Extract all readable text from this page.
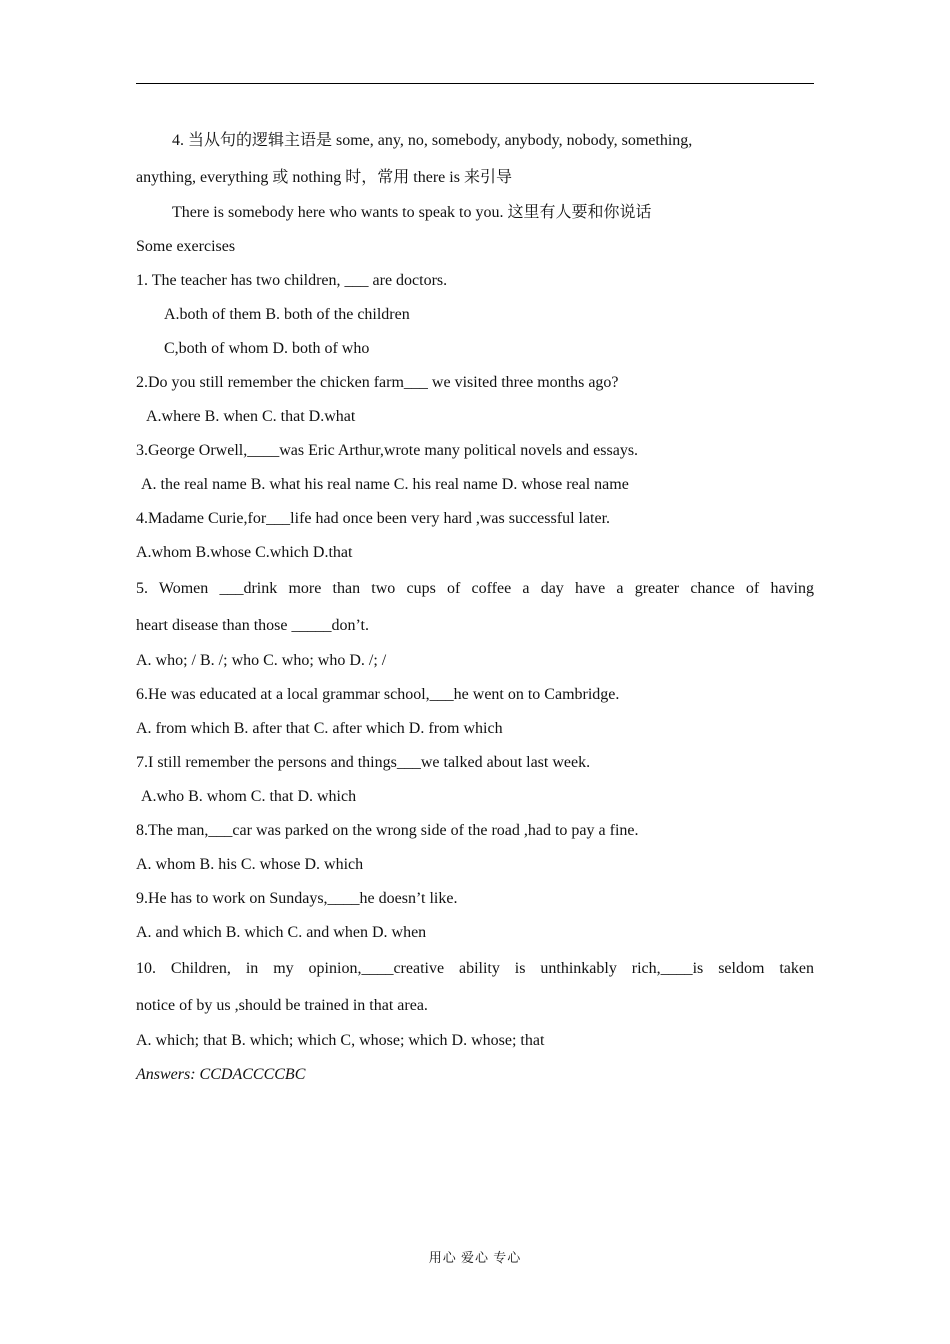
4. 当从句的逻辑主语是 some, any, no, somebody, anybody, nobody, something,

anything, everything 或 nothing 时，常用 there is 来引导

There is somebody here who wants to speak to you. 这里有人要和你说话

Some exercises

1. The teacher has two children, ___ are doctors.

A.both of them B. both of the children

C,both of whom D. both of who

2.Do you still remember the chicken farm___ we visited three months ago?

A.where B. when C. that D.what

3.George Orwell,____was Eric Arthur,wrote many political novels and essays.

A. the real name B. what his real name C. his real name D. whose real name

4.Madame Curie,for___life had once been very hard ,was successful later.

A.whom B.whose C.which D.that

5. Women ___drink more than two cups of coffee a day have a greater chance of having

heart disease than those _____don’t.

A. who; / B. /; who C. who; who D. /; /

6.He was educated at a local grammar school,___he went on to Cambridge.

A. from which B. after that C. after which D. from which

7.I still remember the persons and things___we talked about last week.

A.who B. whom C. that D. which

8.The man,___car was parked on the wrong side of the road ,had to pay a fine.

A. whom B. his C. whose D. which

9.He has to work on Sundays,____he doesn’t like.

A. and which B. which C. and when D. when

10. Children, in my opinion,____creative ability is unthinkably rich,____is seldom taken

notice of by us ,should be trained in that area.

A. which; that B. which; which C, whose; which D. whose; that

Answers: CCDACCCCBC

用心 爱心 专心
